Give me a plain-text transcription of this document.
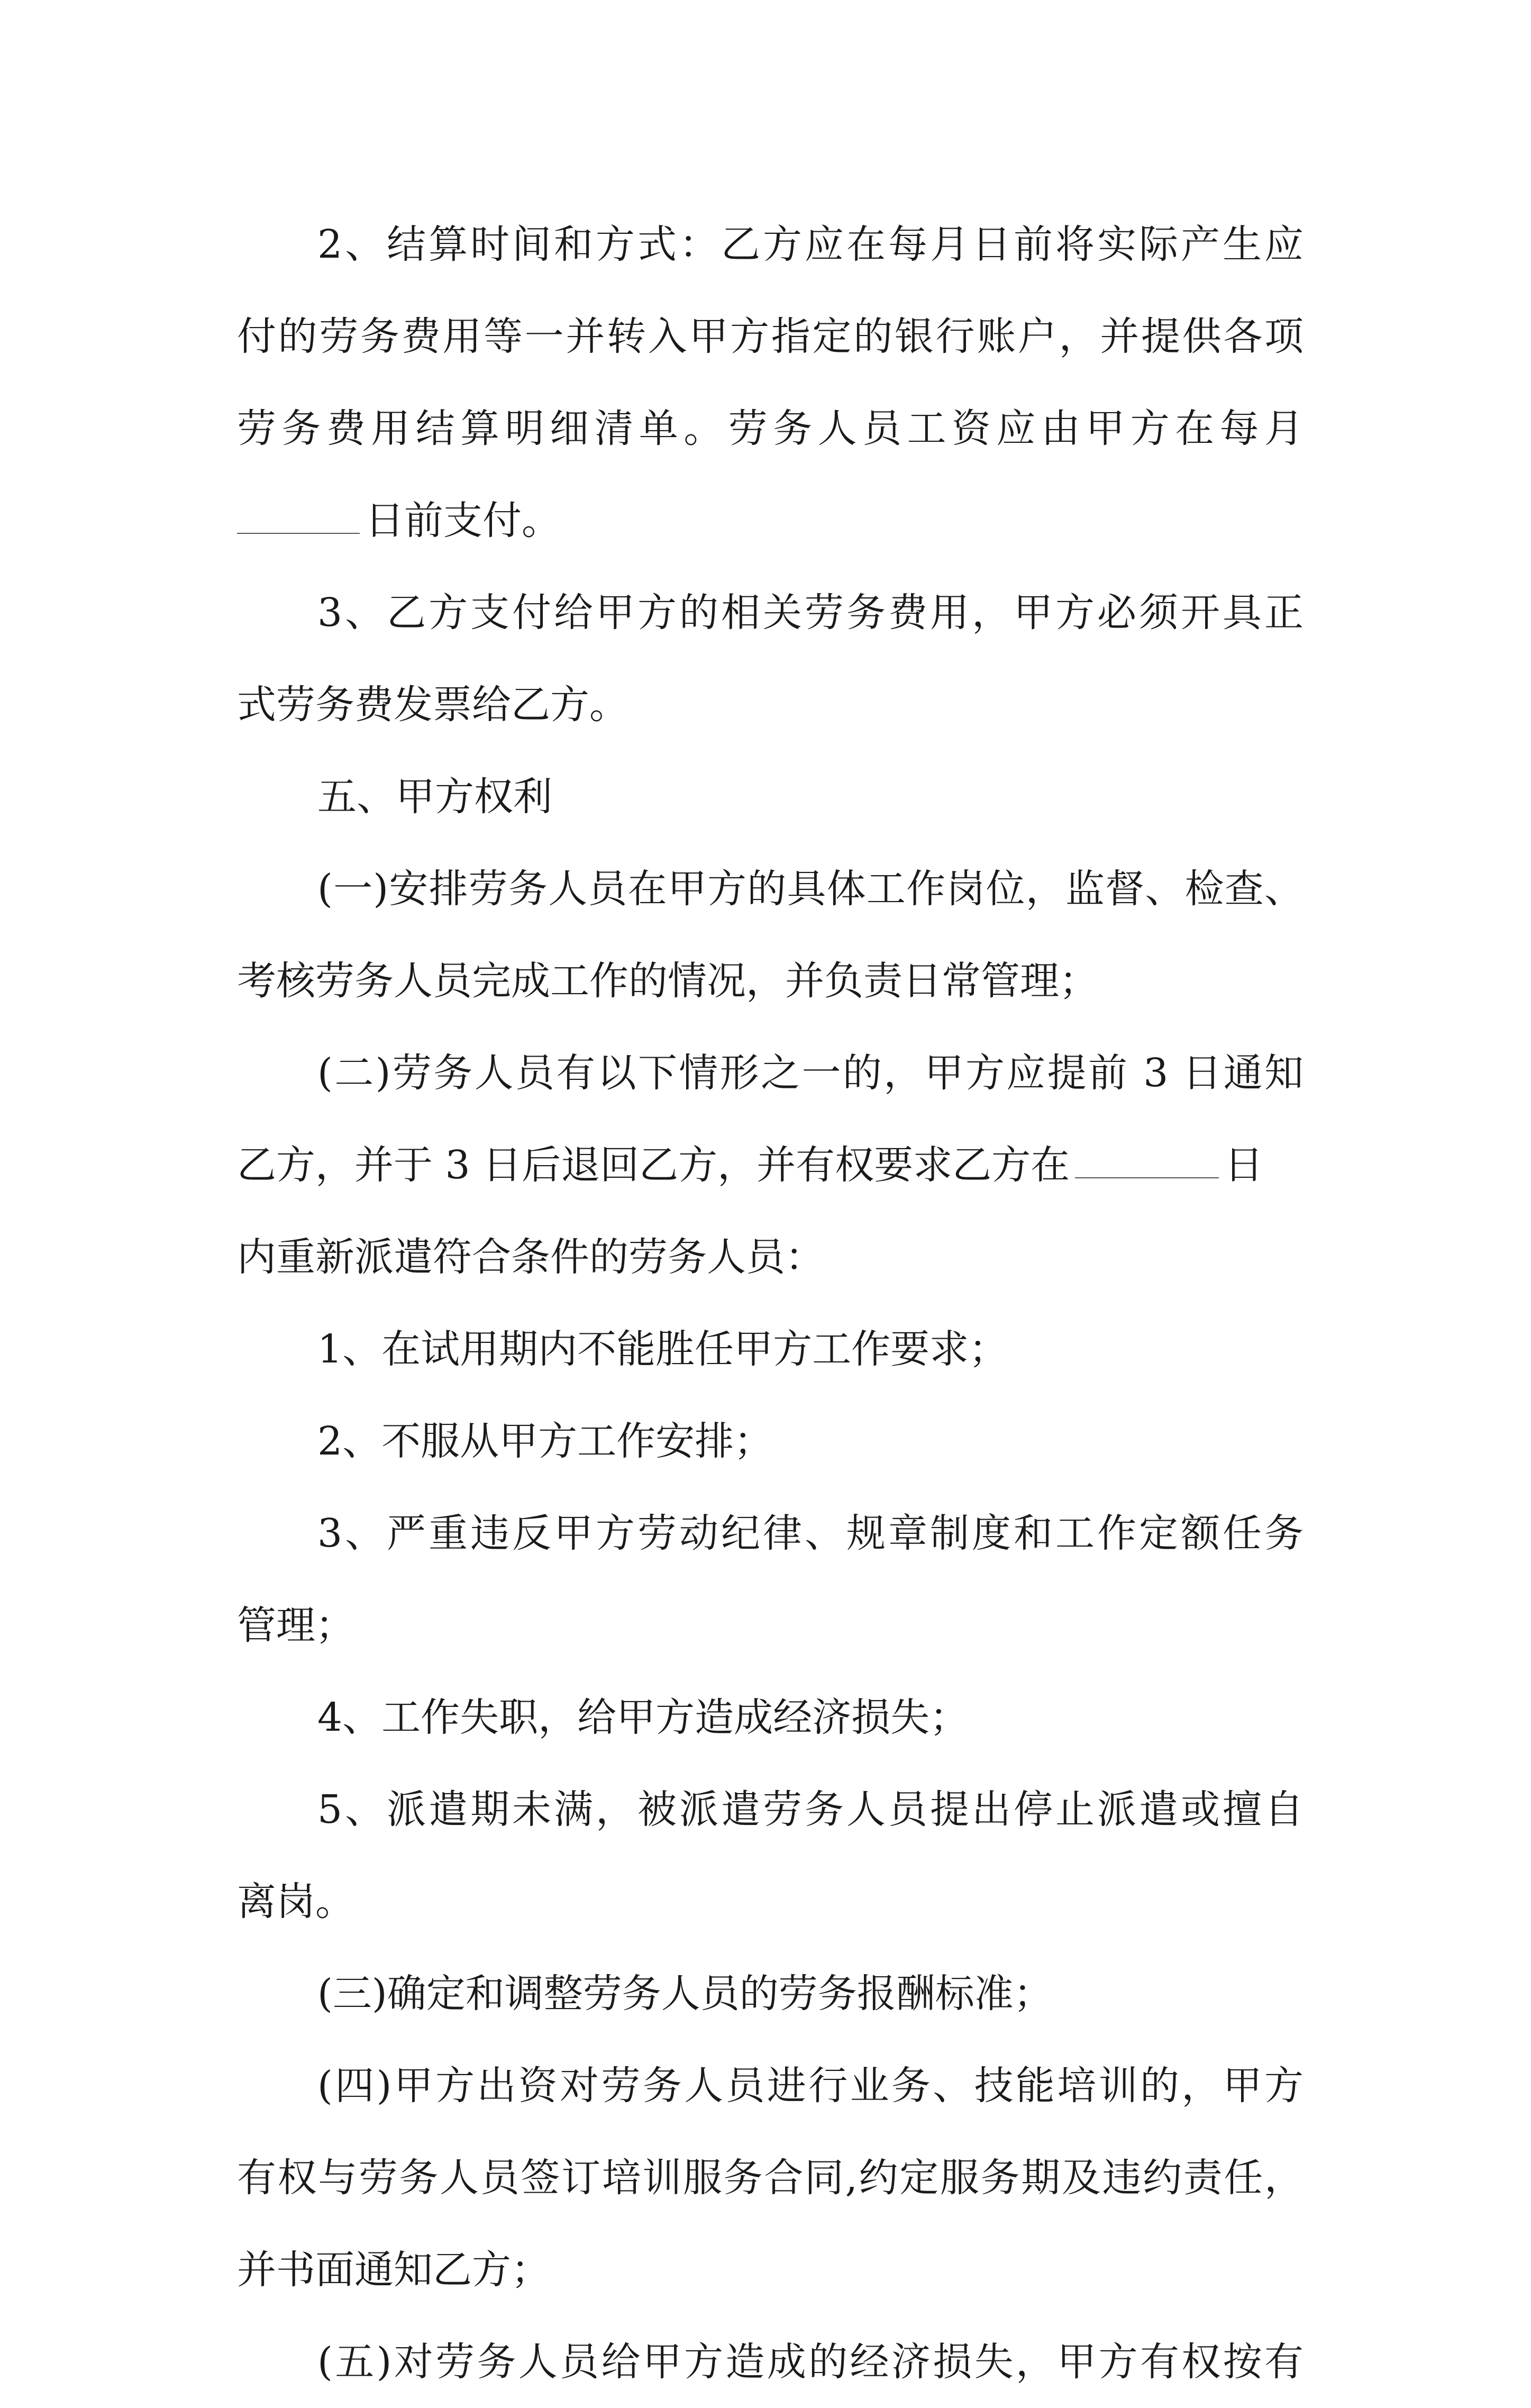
2、结算时间和方式：乙方应在每月日前将实际产生应
付的劳务费用等一并转入甲方指定的银行账户，并提供各项
劳务费用结算明细清单。劳务人员工资应由甲方在每月
日前支付。
3、乙方支付给甲方的相关劳务费用，甲方必须开具正
式劳务费发票给乙方。
五、甲方权利
(一)安排劳务人员在甲方的具体工作岗位，监督、检查、
考核劳务人员完成工作的情况，并负责日常管理；
(二)劳务人员有以下情形之一的，甲方应提前 3 日通知
乙方，并于 3 日后退回乙方，并有权要求乙方在	日
内重新派遣符合条件的劳务人员：
1、在试用期内不能胜任甲方工作要求；
2、不服从甲方工作安排；
3、严重违反甲方劳动纪律、规章制度和工作定额任务
管理；
4、工作失职，给甲方造成经济损失；
5、派遣期未满，被派遣劳务人员提出停止派遣或擅自
离岗。
(三)确定和调整劳务人员的劳务报酬标准；
(四)甲方出资对劳务人员进行业务、技能培训的，甲方
有权与劳务人员签订培训服务合同,约定服务期及违约责任，
并书面通知乙方；
(五)对劳务人员给甲方造成的经济损失，甲方有权按有
